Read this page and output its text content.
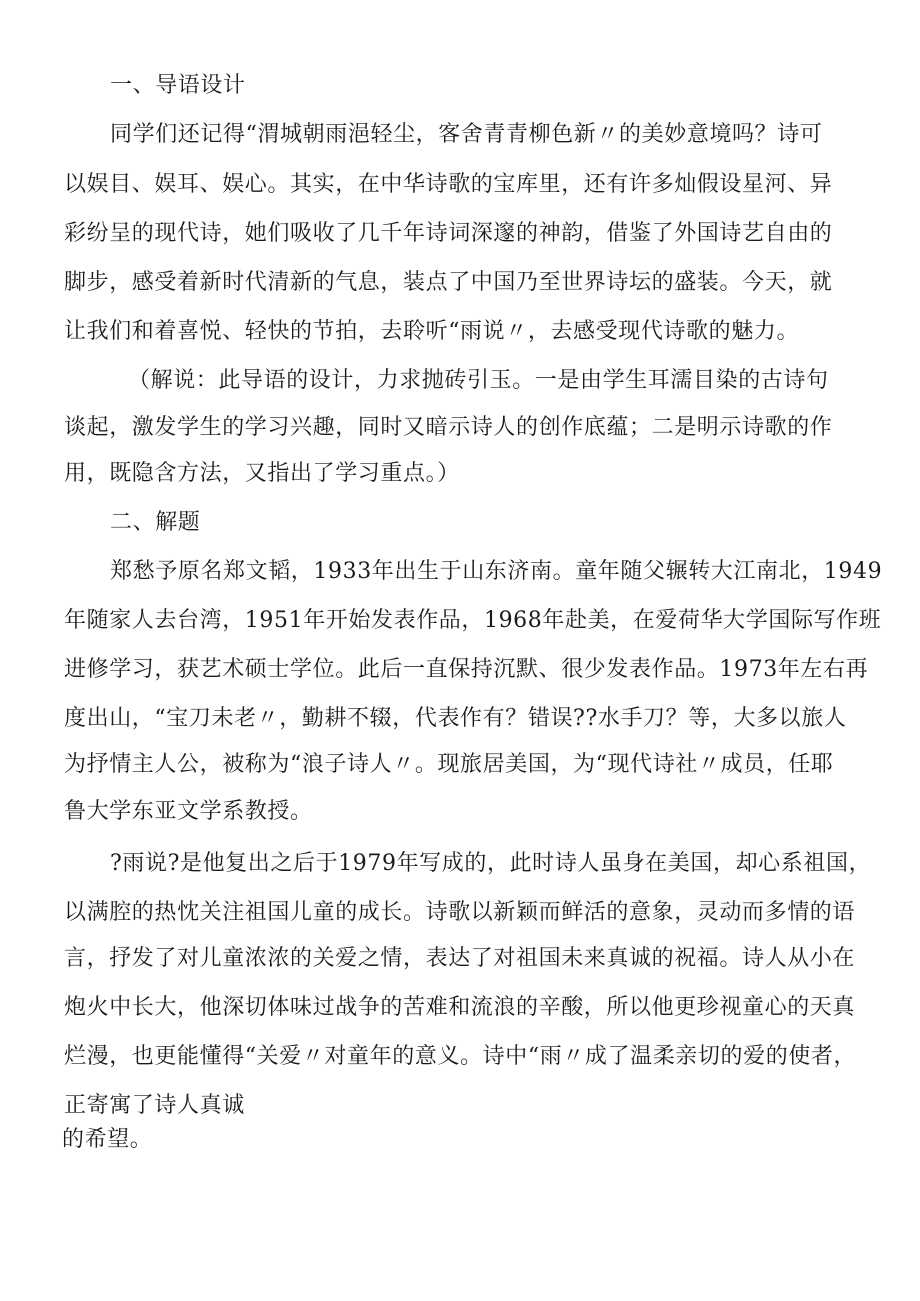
一、导语设计
同学们还记得“渭城朝雨浥轻尘，客舍青青柳色新〃的美妙意境吗？诗可
以娱目、娱耳、娱心。其实，在中华诗歌的宝库里，还有许多灿假设星河、异
彩纷呈的现代诗，她们吸收了几千年诗词深邃的神韵，借鉴了外国诗艺自由的
脚步，感受着新时代清新的气息，装点了中国乃至世界诗坛的盛装。今天，就
让我们和着喜悦、轻快的节拍，去聆听“雨说〃，去感受现代诗歌的魅力。
（解说：此导语的设计，力求抛砖引玉。一是由学生耳濡目染的古诗句
谈起，激发学生的学习兴趣，同时又暗示诗人的创作底蕴；二是明示诗歌的作
用，既隐含方法，又指出了学习重点。）
二、解题
郑愁予原名郑文韬，1933年出生于山东济南。童年随父辗转大江南北，1949
年随家人去台湾，1951年开始发表作品，1968年赴美，在爱荷华大学国际写作班
进修学习，获艺术硕士学位。此后一直保持沉默、很少发表作品。1973年左右再
度出山，“宝刀未老〃，勤耕不辍，代表作有？错误??水手刀？等，大多以旅人
为抒情主人公，被称为“浪子诗人〃。现旅居美国，为“现代诗社〃成员，任耶
鲁大学东亚文学系教授。
?雨说?是他复出之后于1979年写成的，此时诗人虽身在美国，却心系祖国，
以满腔的热忱关注祖国儿童的成长。诗歌以新颖而鲜活的意象，灵动而多情的语
言，抒发了对儿童浓浓的关爱之情，表达了对祖国未来真诚的祝福。诗人从小在
炮火中长大，他深切体味过战争的苦难和流浪的辛酸，所以他更珍视童心的天真
烂漫，也更能懂得“关爱〃对童年的意义。诗中“雨〃成了温柔亲切的爱的使者，
正寄寓了诗人真诚
的希望。
